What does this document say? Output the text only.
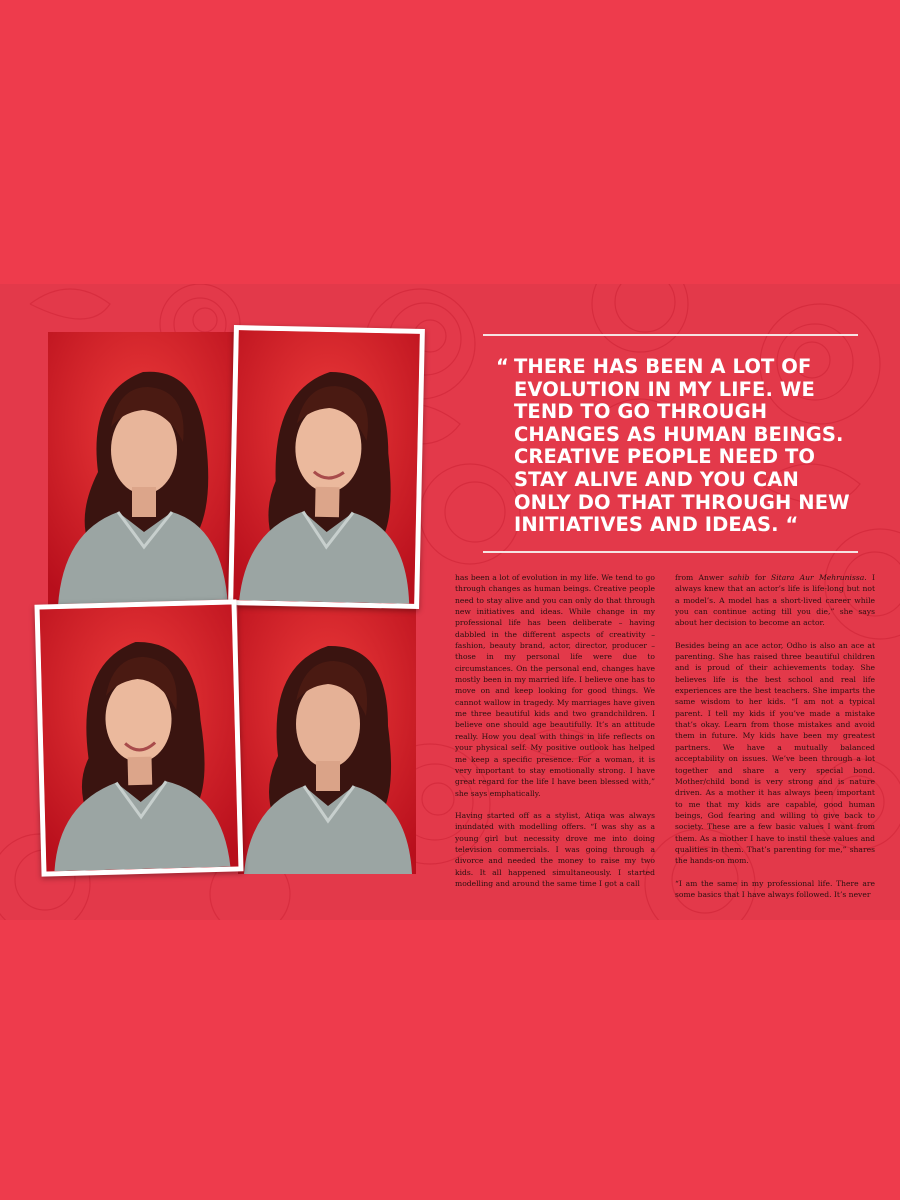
“ THERE HAS BEEN A LOT OF EVOLUTION IN MY LIFE. WE TEND TO GO THROUGH CHANGES AS HUMAN BEINGS. CREATIVE PEOPLE NEED TO STAY ALIVE AND YOU CAN ONLY DO THAT THROUGH NEW INITIATIVES AND IDEAS. “

has been a lot of evolution in my life. We tend to go through changes as human beings. Creative people need to stay alive and you can only do that through new initiatives and ideas. While change in my professional life has been deliberate – having dabbled in the different aspects of creativity – fashion, beauty brand, actor, director, producer – those in my personal life were due to circumstances. On the personal end, changes have mostly been in my married life. I believe one has to move on and keep looking for good things. We cannot wallow in tragedy. My marriages have given me three beautiful kids and two grandchildren. I believe one should age beautifully. It’s an attitude really. How you deal with things in life reflects on your physical self. My positive outlook has helped me keep a specific presence. For a woman, it is very important to stay emotionally strong. I have great regard for the life I have been blessed with,” she says emphatically.

Having started off as a stylist, Atiqa was always inundated with modelling offers. “I was shy as a young girl but necessity drove me into doing television commercials. I was going through a divorce and needed the money to raise my two kids. It all happened simultaneously. I started modelling and around the same time I got a call

from Anwer sahib for Sitara Aur Mehrunissa. I always knew that an actor’s life is life-long but not a model’s. A model has a short-lived career while you can continue acting till you die,” she says about her decision to become an actor.

Besides being an ace actor, Odho is also an ace at parenting. She has raised three beautiful children and is proud of their achievements today. She believes life is the best school and real life experiences are the best teachers. She imparts the same wisdom to her kids. “I am not a typical parent. I tell my kids if you’ve made a mistake that’s okay. Learn from those mistakes and avoid them in future. My kids have been my greatest partners. We have a mutually balanced acceptability on issues. We’ve been through a lot together and share a very special bond. Mother/child bond is very strong and is nature driven. As a mother it has always been important to me that my kids are capable, good human beings, God fearing and willing to give back to society. These are a few basic values I want from them. As a mother I have to instil these values and qualities in them. That’s parenting for me,” shares the hands-on mom.

“I am the same in my professional life. There are some basics that I have always followed. It’s never
